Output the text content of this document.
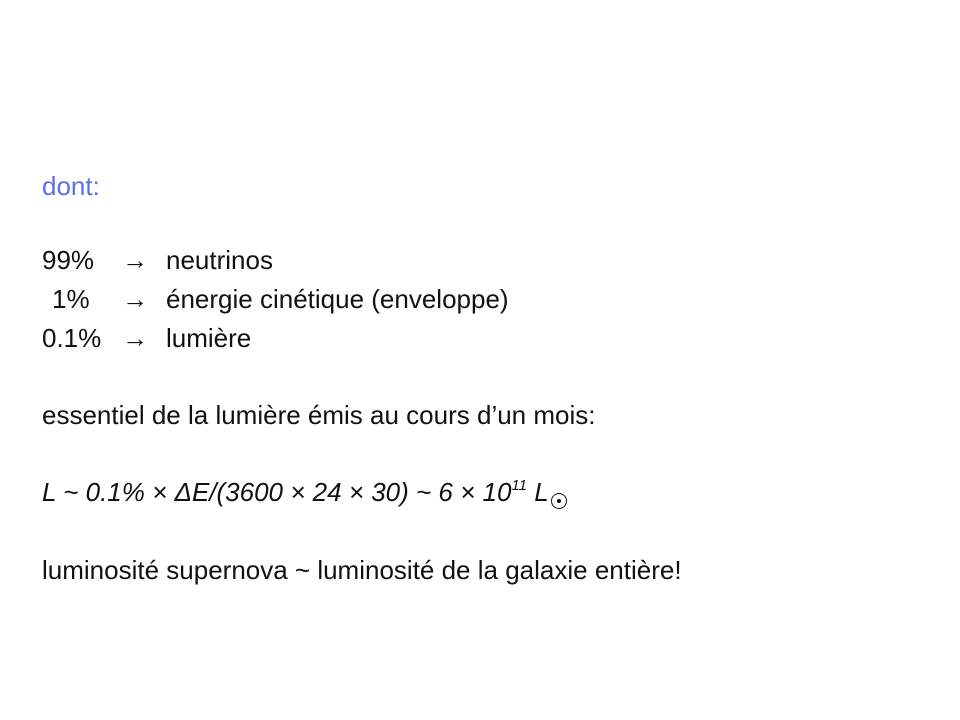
dont:
99%	→ neutrinos
1%	→ énergie cinétique (enveloppe)
0.1% → lumière
essentiel de la lumière émis au cours d’un mois:
L ~ 0.1% × ΔE/(3600 × 24 × 30) ~ $6 \times 10^{11}$ L
luminosité supernova ~ luminosité de la galaxie entière!
